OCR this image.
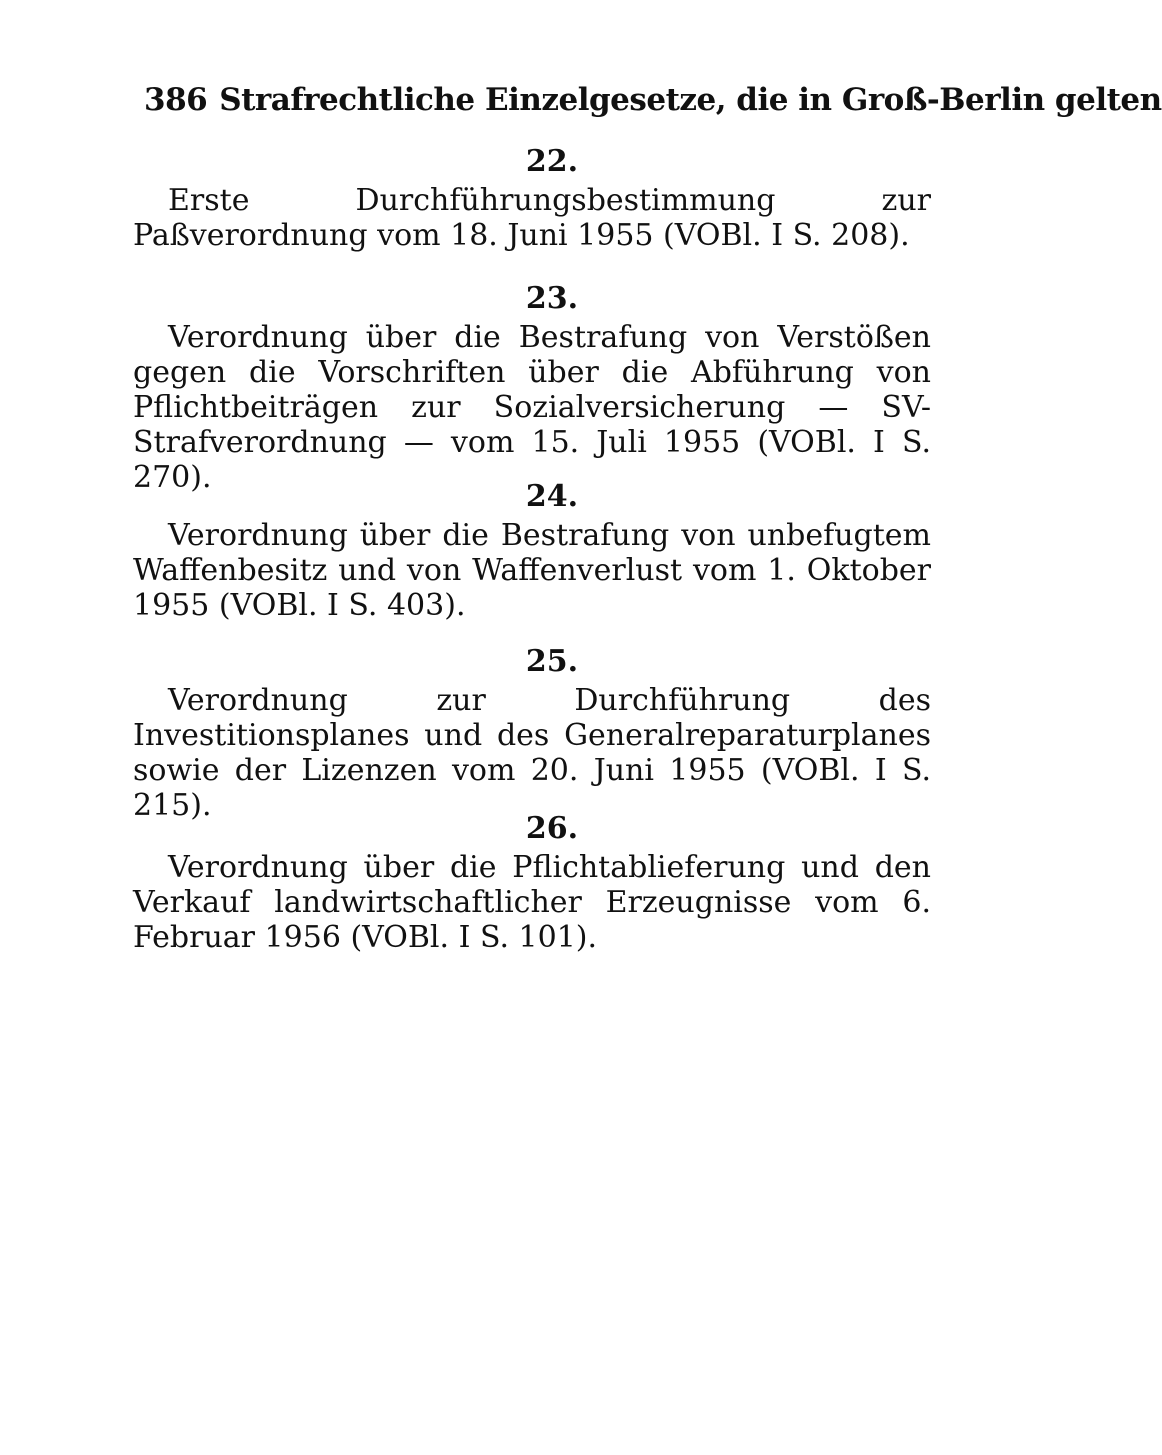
386 Strafrechtliche Einzelgesetze, die in Groß-Berlin gelten
22.
Erste Durchführungsbestimmung zur Paßverordnung vom 18. Juni 1955 (VOBl. I S. 208).
23.
Verordnung über die Bestrafung von Verstößen gegen die Vorschriften über die Abführung von Pflichtbeiträgen zur Sozialversicherung — SV-Strafverordnung — vom 15. Juli 1955 (VOBl. I S. 270).
24.
Verordnung über die Bestrafung von unbefugtem Waffenbesitz und von Waffenverlust vom 1. Oktober 1955 (VOBl. I S. 403).
25.
Verordnung zur Durchführung des Investitionsplanes und des Generalreparaturplanes sowie der Lizenzen vom 20. Juni 1955 (VOBl. I S. 215).
26.
Verordnung über die Pflichtablieferung und den Verkauf landwirtschaftlicher Erzeugnisse vom 6. Februar 1956 (VOBl. I S. 101).
